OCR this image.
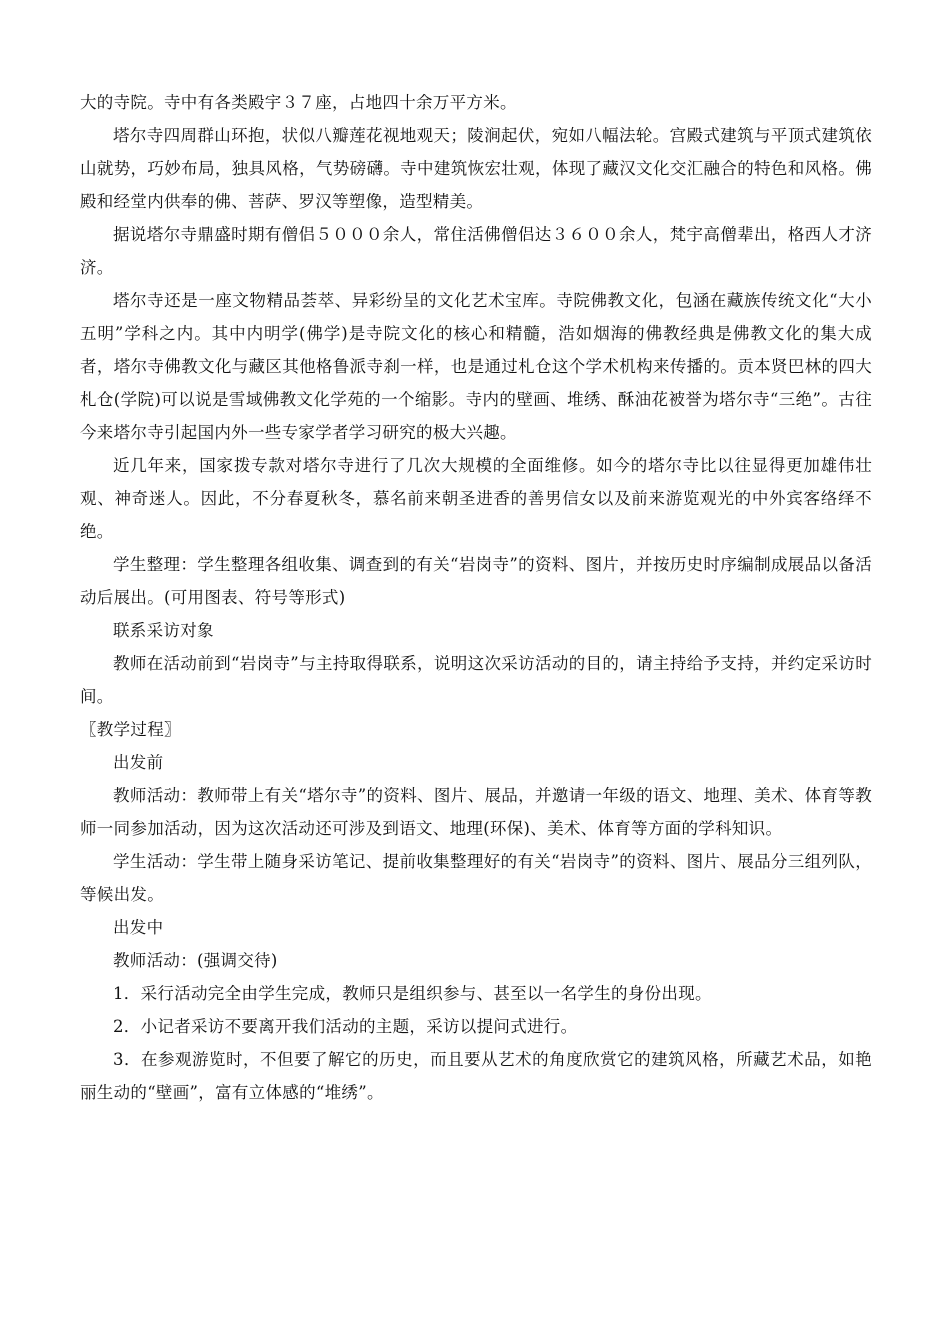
大的寺院。寺中有各类殿宇３７座，占地四十余万平方米。

塔尔寺四周群山环抱，状似八瓣莲花视地观天；陵涧起伏，宛如八幅法轮。宫殿式建筑与平顶式建筑依山就势，巧妙布局，独具风格，气势磅礴。寺中建筑恢宏壮观，体现了藏汉文化交汇融合的特色和风格。佛殿和经堂内供奉的佛、菩萨、罗汉等塑像，造型精美。

据说塔尔寺鼎盛时期有僧侣５０００余人，常住活佛僧侣达３６００余人，梵宇高僧辈出，格西人才济济。

塔尔寺还是一座文物精品荟萃、异彩纷呈的文化艺术宝库。寺院佛教文化，包涵在藏族传统文化“大小五明”学科之内。其中内明学(佛学)是寺院文化的核心和精髓，浩如烟海的佛教经典是佛教文化的集大成者，塔尔寺佛教文化与藏区其他格鲁派寺刹一样，也是通过札仓这个学术机构来传播的。贡本贤巴林的四大札仓(学院)可以说是雪域佛教文化学苑的一个缩影。寺内的壁画、堆绣、酥油花被誉为塔尔寺“三绝”。古往今来塔尔寺引起国内外一些专家学者学习研究的极大兴趣。

近几年来，国家拨专款对塔尔寺进行了几次大规模的全面维修。如今的塔尔寺比以往显得更加雄伟壮观、神奇迷人。因此，不分春夏秋冬，慕名前来朝圣进香的善男信女以及前来游览观光的中外宾客络绎不绝。

学生整理：学生整理各组收集、调查到的有关“岩岗寺”的资料、图片，并按历史时序编制成展品以备活动后展出。(可用图表、符号等形式)

联系采访对象

教师在活动前到“岩岗寺”与主持取得联系，说明这次采访活动的目的，请主持给予支持，并约定采访时间。

〖教学过程〗

出发前

教师活动：教师带上有关“塔尔寺”的资料、图片、展品，并邀请一年级的语文、地理、美术、体育等教师一同参加活动，因为这次活动还可涉及到语文、地理(环保)、美术、体育等方面的学科知识。

学生活动：学生带上随身采访笔记、提前收集整理好的有关“岩岗寺”的资料、图片、展品分三组列队，等候出发。

出发中

教师活动：(强调交待)

1．采行活动完全由学生完成，教师只是组织参与、甚至以一名学生的身份出现。

2．小记者采访不要离开我们活动的主题，采访以提问式进行。

3．在参观游览时，不但要了解它的历史，而且要从艺术的角度欣赏它的建筑风格，所藏艺术品，如艳丽生动的“壁画”，富有立体感的“堆绣”。
